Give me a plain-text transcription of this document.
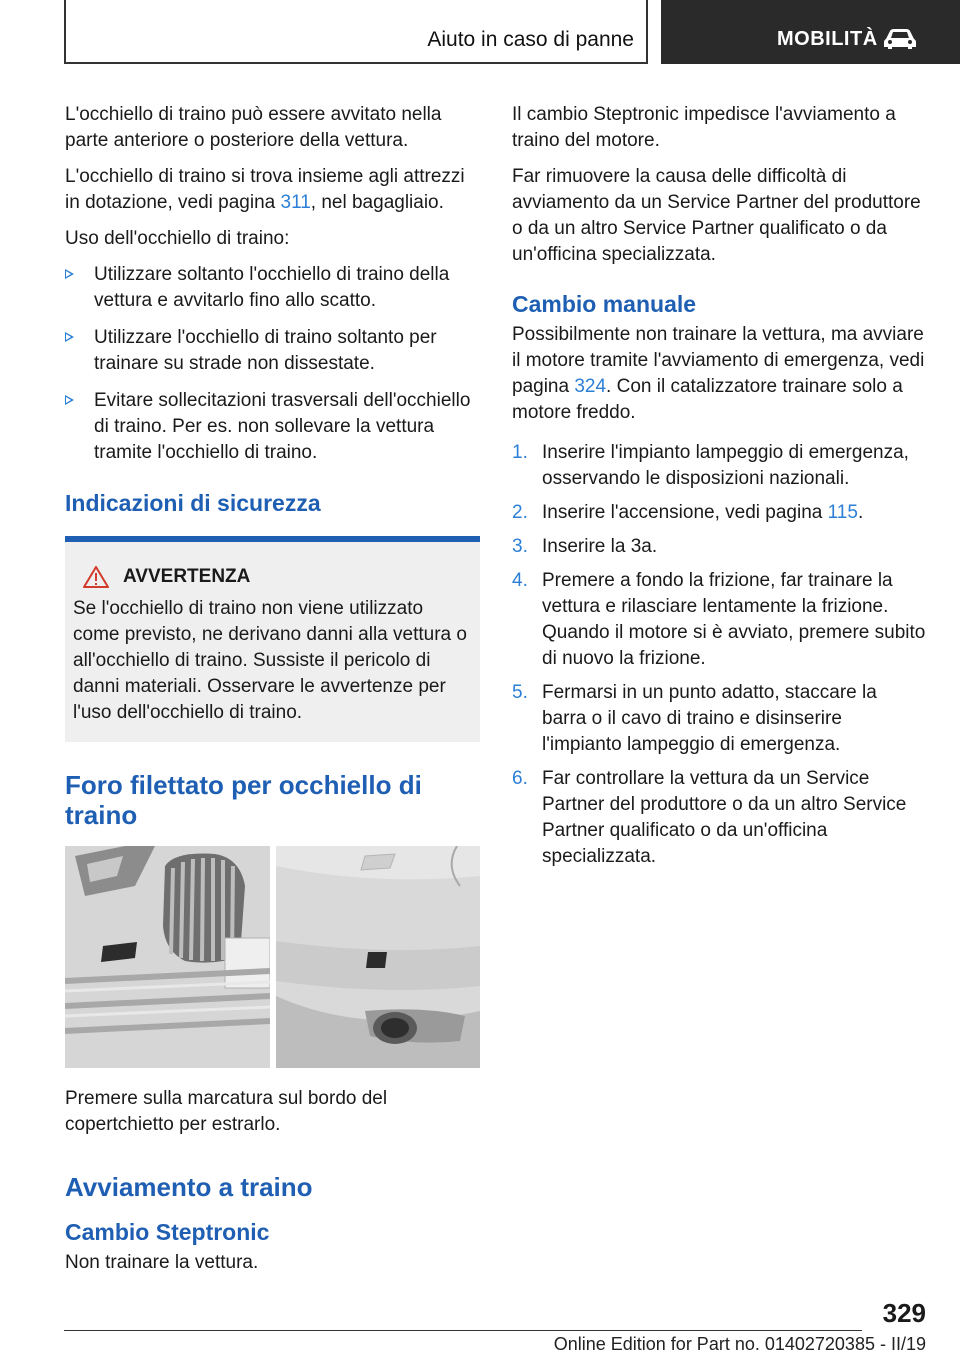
Aiuto in caso di panne	MOBILITÀ

L'occhiello di traino può essere avvitato nella parte anteriore o posteriore della vettura.

L'occhiello di traino si trova insieme agli attrezzi in dotazione, vedi pagina 311, nel bagagliaio.

Uso dell'occhiello di traino:

Utilizzare soltanto l'occhiello di traino della vettura e avvitarlo fino allo scatto.
Utilizzare l'occhiello di traino soltanto per trainare su strade non dissestate.
Evitare sollecitazioni trasversali dell'occhiello di traino. Per es. non sollevare la vettura tramite l'occhiello di traino.
Indicazioni di sicurezza
AVVERTENZA
Se l'occhiello di traino non viene utilizzato come previsto, ne derivano danni alla vettura o all'occhiello di traino. Sussiste il pericolo di danni materiali. Osservare le avvertenze per l'uso dell'occhiello di traino.
Foro filettato per occhiello di traino

Premere sulla marcatura sul bordo del copertchietto per estrarlo.

Avviamento a traino
Cambio Steptronic

Non trainare la vettura.

Il cambio Steptronic impedisce l'avviamento a traino del motore.

Far rimuovere la causa delle difficoltà di avviamento da un Service Partner del produttore o da un altro Service Partner qualificato o da un'officina specializzata.

Cambio manuale

Possibilmente non trainare la vettura, ma avviare il motore tramite l'avviamento di emergenza, vedi pagina 324. Con il catalizzatore trainare solo a motore freddo.

1. Inserire l'impianto lampeggio di emergenza, osservando le disposizioni nazionali.
2. Inserire l'accensione, vedi pagina 115.
3. Inserire la 3a.
4. Premere a fondo la frizione, far trainare la vettura e rilasciare lentamente la frizione. Quando il motore si è avviato, premere subito di nuovo la frizione.
5. Fermarsi in un punto adatto, staccare la barra o il cavo di traino e disinserire l'impianto lampeggio di emergenza.
6. Far controllare la vettura da un Service Partner del produttore o da un altro Service Partner qualificato o da un'officina specializzata.
329
Online Edition for Part no. 01402720385 - II/19
